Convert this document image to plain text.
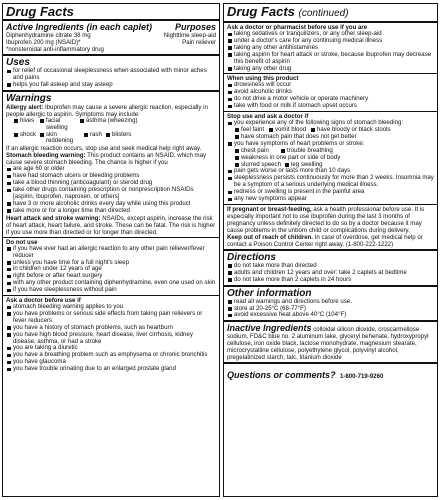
Drug Facts
Active Ingredients (in each caplet)	Purposes
Diphenhydramine citrate 38 mg	Nighttime sleep-aid
Ibuprofen 200 mg (NSAID)*	Pain reliever
*nonsteroidal anti-inflammatory drug
Uses
for relief of occasional sleeplessness when associated with minor aches and pains
helps you fall asleep and stay asleep
Warnings
Allergy alert: Ibuprofen may cause a severe allergic reaction, especially in people allergic to aspirin. Symptoms may include:
hives	facial swelling
asthma (wheezing)
shock	skin reddening
rash	blisters
If an allergic reaction occurs, stop use and seek medical help right away.
Stomach bleeding warning: This product contains an NSAID, which may cause severe stomach bleeding. The chance is higher if you
are age 60 or older
have had stomach ulcers or bleeding problems
take a blood thinning (anticoagulant) or steroid drug
take other drugs containing prescription or nonprescription NSAIDs [aspirin, ibuprofen, naproxen, or others]
have 3 or more alcoholic drinks every day while using this product
take more or for a longer time than directed
Heart attack and stroke warning: NSAIDs, except aspirin, increase the risk of heart attack, heart failure, and stroke. These can be fatal. The risk is higher if you use more than directed or for longer than directed.
Do not use
if you have ever had an allergic reaction to any other pain reliever/fever reducer
unless you have time for a full night's sleep
in children under 12 years of age
right before or after heart surgery
with any other product containing diphenhydramine, even one used on skin
if you have sleeplessness without pain
Ask a doctor before use if
stomach bleeding warning applies to you
you have problems or serious side effects from taking pain relievers or fever reducers
you have a history of stomach problems, such as heartburn
you have high blood pressure, heart disease, liver cirrhosis, kidney disease, asthma, or had a stroke
you are taking a diuretic
you have a breathing problem such as emphysema or chronic bronchitis
you have glaucoma
you have trouble urinating due to an enlarged prostate gland
Drug Facts (continued)
Ask a doctor or pharmacist before use if you are
taking sedatives or tranquilizers, or any other sleep-aid
under a doctor's care for any continuing medical illness
taking any other antihistamines
taking aspirin for heart attack or stroke, because ibuprofen may decrease this benefit of aspirin
taking any other drug
When using this product
drowsiness will occur
avoid alcoholic drinks
do not drive a motor vehicle or operate machinery
take with food or milk if stomach upset occurs
Stop use and ask a doctor if
you experience any of the following signs of stomach bleeding:
feel faint	vomit blood	have bloody or black stools
have stomach pain that does not get better
you have symptoms of heart problems or stroke:
chest pain	trouble breathing
weakness in one part or side of body
slurred speech	leg swelling
pain gets worse or lasts more than 10 days
sleeplessness persists continuously for more than 2 weeks. Insomnia may be a symptom of a serious underlying medical illness.
redness or swelling is present in the painful area
any new symptoms appear
If pregnant or breast-feeding, ask a health professional before use. It is especially important not to use ibuprofen during the last 3 months of pregnancy unless definitely directed to do so by a doctor because it may cause problems in the unborn child or complications during delivery.
Keep out of reach of children. In case of overdose, get medical help or contact a Poison Control Center right away. (1-800-222-1222)
Directions
do not take more than directed
adults and children 12 years and over: take 2 caplets at bedtime
do not take more than 2 caplets in 24 hours
Other information
read all warnings and directions before use.
store at 20-25°C (68-77°F)
avoid excessive heat above 40°C (104°F)
Inactive Ingredients colloidal silicon dioxide, croscarmellose sodium, FD&C blue no. 2 aluminum lake, glyceryl behenate, hydroxypropyl cellulose, iron oxide black, lactose monohydrate, magnesium stearate, microcrystalline cellulose, polyethylene glycol, polyvinyl alcohol, pregelatinized starch, talc, titanium dioxide
Questions or comments? 1-800-719-9260
